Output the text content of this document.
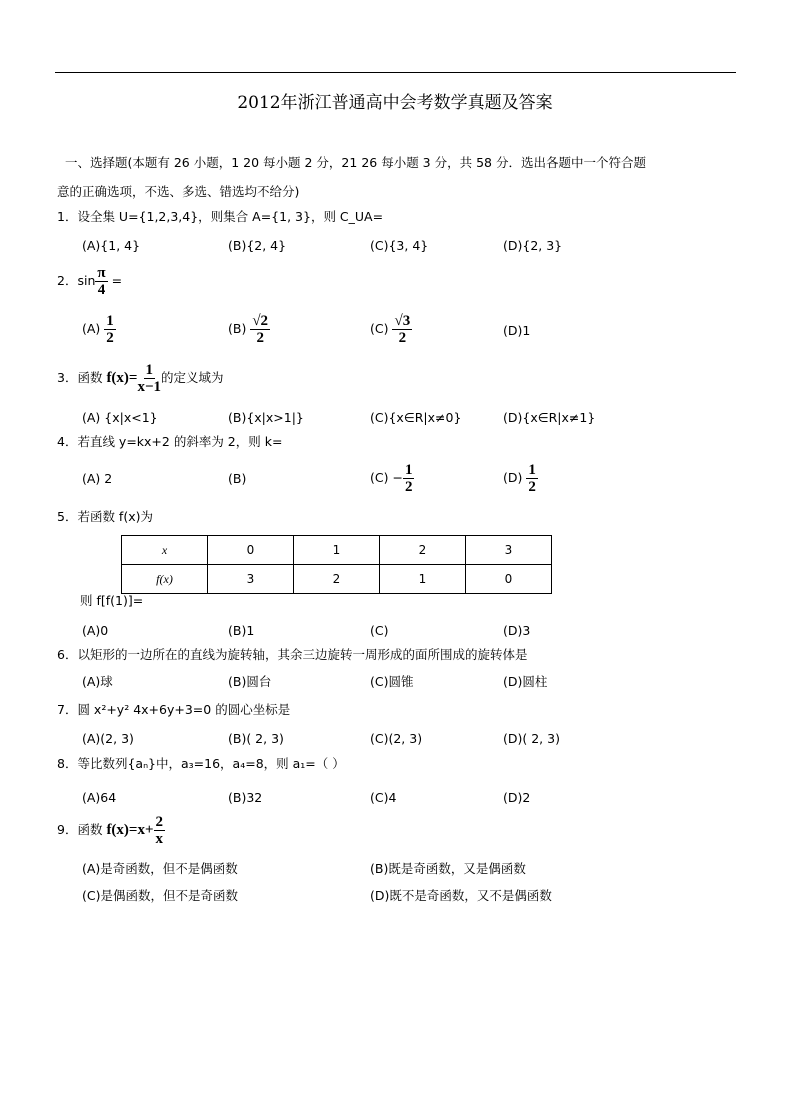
2012年浙江普通高中会考数学真题及答案
一、选择题(本题有 26 小题，1 20 每小题 2 分，21 26 每小题 3 分，共 58 分．选出各题中一个符合题
意的正确选项，不选、多选、错选均不给分)
1．设全集 U={1,2,3,4}，则集合 A={1, 3}，则 C_UA=
(A){1, 4}	(B){2, 4}	(C){3, 4}	(D){2, 3}
2．$\sin \frac{\pi}{4}$ =
$(A) \frac{1}{2}$	$(B) \frac{√2}{2}$	$(C) \frac{√3}{2}$	(D)1
3．函数 $f(x)= \frac{1}{x-1}$ 的定义域为
(A) {x|x<1}	(B){x|x>1|}	(C){x∈R|x≠0}	(D){x∈R|x≠1}
4．若直线 y=kx+2 的斜率为 2，则 k=
(A) 2	(B)	$(C) - \frac{1}{2}$	$(D) \frac{1}{2}$
5．若函数 f(x)为
x	0	1	2	3
f(x)	3	2	1	0
则 f[f(1)]=
(A)0	(B)1	(C)	(D)3
6．以矩形的一边所在的直线为旋转轴，其余三边旋转一周形成的面所围成的旋转体是
(A)球	(B)圆台	(C)圆锥	(D)圆柱
7．圆 x²+y² 4x+6y+3=0 的圆心坐标是
(A)(2, 3)	(B)( 2, 3)	(C)(2, 3)	(D)( 2, 3)
8．等比数列{aₙ}中，a₃=16，a₄=8，则 a₁=（ ）
(A)64	(B)32	(C)4	(D)2
9．函数 $f(x)=x+ \frac{2}{x}$
(A)是奇函数，但不是偶函数	(B)既是奇函数，又是偶函数
(C)是偶函数，但不是奇函数	(D)既不是奇函数，又不是偶函数
